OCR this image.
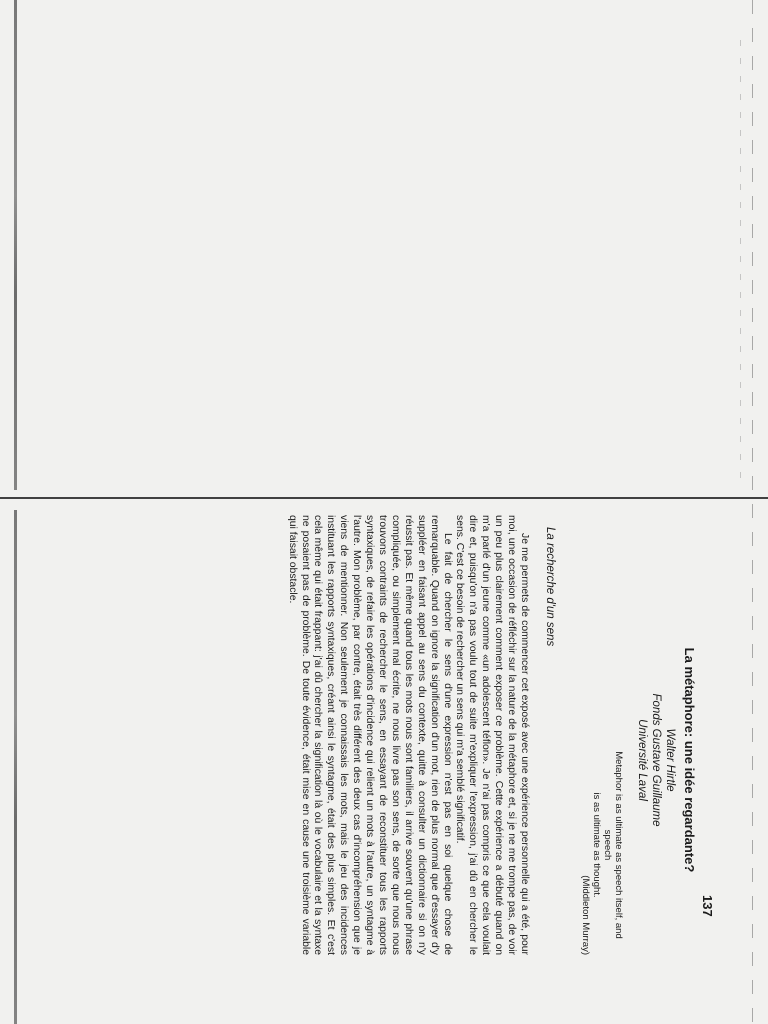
137
La métaphore: une idée regardante?
Walter Hirtle
Fonds Gustave Guillaume
Université Laval
Metaphor is as ultimate as speech itself, and speech
is as ultimate as thought.
(Middleton Murray)
La recherche d'un sens

Je me permets de commencer cet exposé avec une expérience personnelle qui a été, pour moi, une occasion de réfléchir sur la nature de la métaphore et, si je ne me trompe pas, de voir un peu plus clairement comment exposer ce problème. Cette expérience a débuté quand on m'a parlé d'un jeune comme «un adolescent téflon». Je n'ai pas compris ce que cela voulait dire et, puisqu'on n'a pas voulu tout de suite m'expliquer l'expression, j'ai dû en chercher le sens. C'est ce besoin de rechercher un sens qui m'a semblé significatif.

Le fait de chercher le sens d'une expression n'est pas en soi quelque chose de remarquable. Quand on ignore la signification d'un mot, rien de plus normal que d'essayer d'y suppléer en faisant appel au sens du contexte, quitte à consulter un dictionnaire si on n'y réussit pas. Et même quand tous les mots nous sont familiers, il arrive souvent qu'une phrase compliquée, ou simplement mal écrite, ne nous livre pas son sens, de sorte que nous nous trouvons contraints de rechercher le sens, en essayant de reconstituer tous les rapports syntaxiques, de refaire les opérations d'incidence qui relient un mots à l'autre, un syntagme à l'autre. Mon problème, par contre, était très différent des deux cas d'incompréhension que je viens de mentionner. Non seulement je connaissais les mots, mais le jeu des incidences instituant les rapports syntaxiques, créant ainsi le syntagme, était des plus simples. Et c'est cela même qui était frappant: j'ai dû chercher la signification là où le vocabulaire et la syntaxe ne posaient pas de problème. De toute évidence, était mise en cause une troisième variable qui faisait obstacle.
